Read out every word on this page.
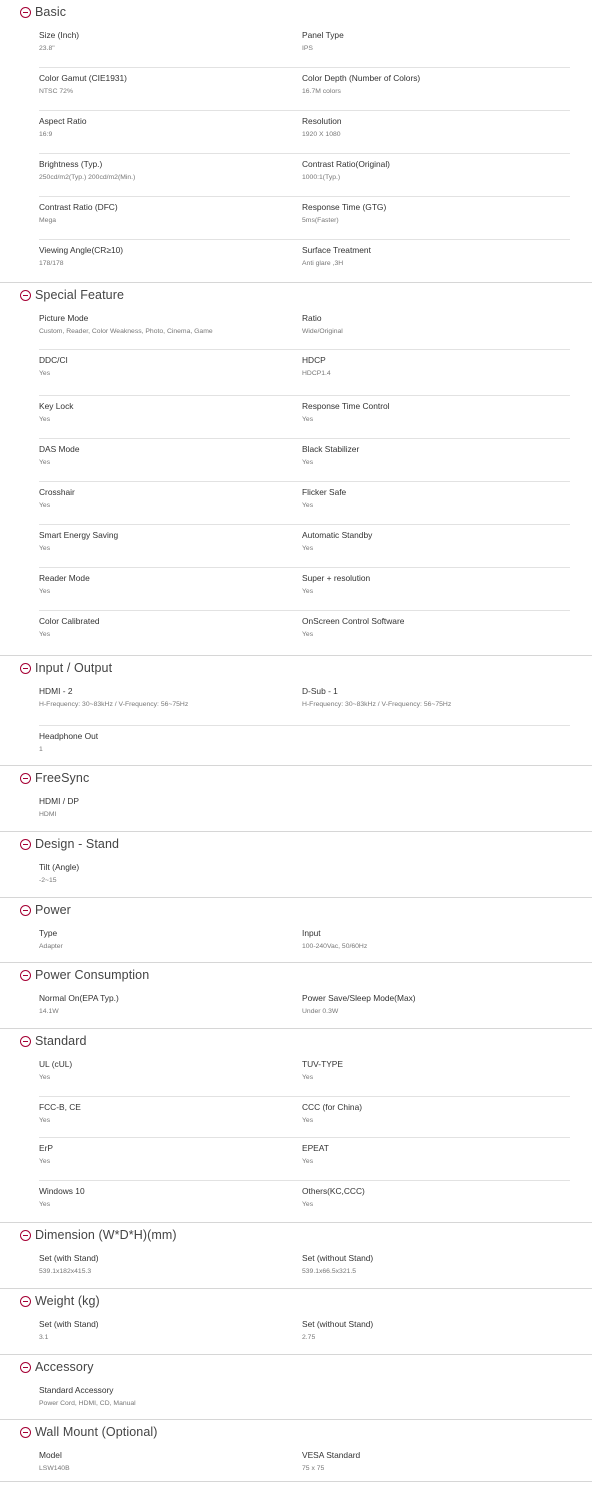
Basic
Size (Inch)
23.8"
Panel Type
IPS
Color Gamut (CIE1931)
NTSC 72%
Color Depth (Number of Colors)
16.7M colors
Aspect Ratio
16:9
Resolution
1920 X 1080
Brightness (Typ.)
250cd/m2(Typ.) 200cd/m2(Min.)
Contrast Ratio(Original)
1000:1(Typ.)
Contrast Ratio (DFC)
Mega
Response Time (GTG)
5ms(Faster)
Viewing Angle(CR≥10)
178/178
Surface Treatment
Anti glare ,3H
Special Feature
Picture Mode
Custom, Reader, Color Weakness, Photo, Cinema, Game
Ratio
Wide/Original
DDC/CI
Yes
HDCP
HDCP1.4
Key Lock
Yes
Response Time Control
Yes
DAS Mode
Yes
Black Stabilizer
Yes
Crosshair
Yes
Flicker Safe
Yes
Smart Energy Saving
Yes
Automatic Standby
Yes
Reader Mode
Yes
Super + resolution
Yes
Color Calibrated
Yes
OnScreen Control Software
Yes
Input / Output
HDMI - 2
H-Frequency: 30~83kHz / V-Frequency: 56~75Hz
D-Sub - 1
H-Frequency: 30~83kHz / V-Frequency: 56~75Hz
Headphone Out
1
FreeSync
HDMI / DP
HDMI
Design - Stand
Tilt (Angle)
-2~15
Power
Type
Adapter
Input
100-240Vac, 50/60Hz
Power Consumption
Normal On(EPA Typ.)
14.1W
Power Save/Sleep Mode(Max)
Under 0.3W
Standard
UL (cUL)
Yes
TUV-TYPE
Yes
FCC-B, CE
Yes
CCC (for China)
Yes
ErP
Yes
EPEAT
Yes
Windows 10
Yes
Others(KC,CCC)
Yes
Dimension (W*D*H)(mm)
Set (with Stand)
539.1x182x415.3
Set (without Stand)
539.1x66.5x321.5
Weight (kg)
Set (with Stand)
3.1
Set (without Stand)
2.75
Accessory
Standard Accessory
Power Cord, HDMI, CD, Manual
Wall Mount (Optional)
Model
LSW140B
VESA Standard
75 x 75
